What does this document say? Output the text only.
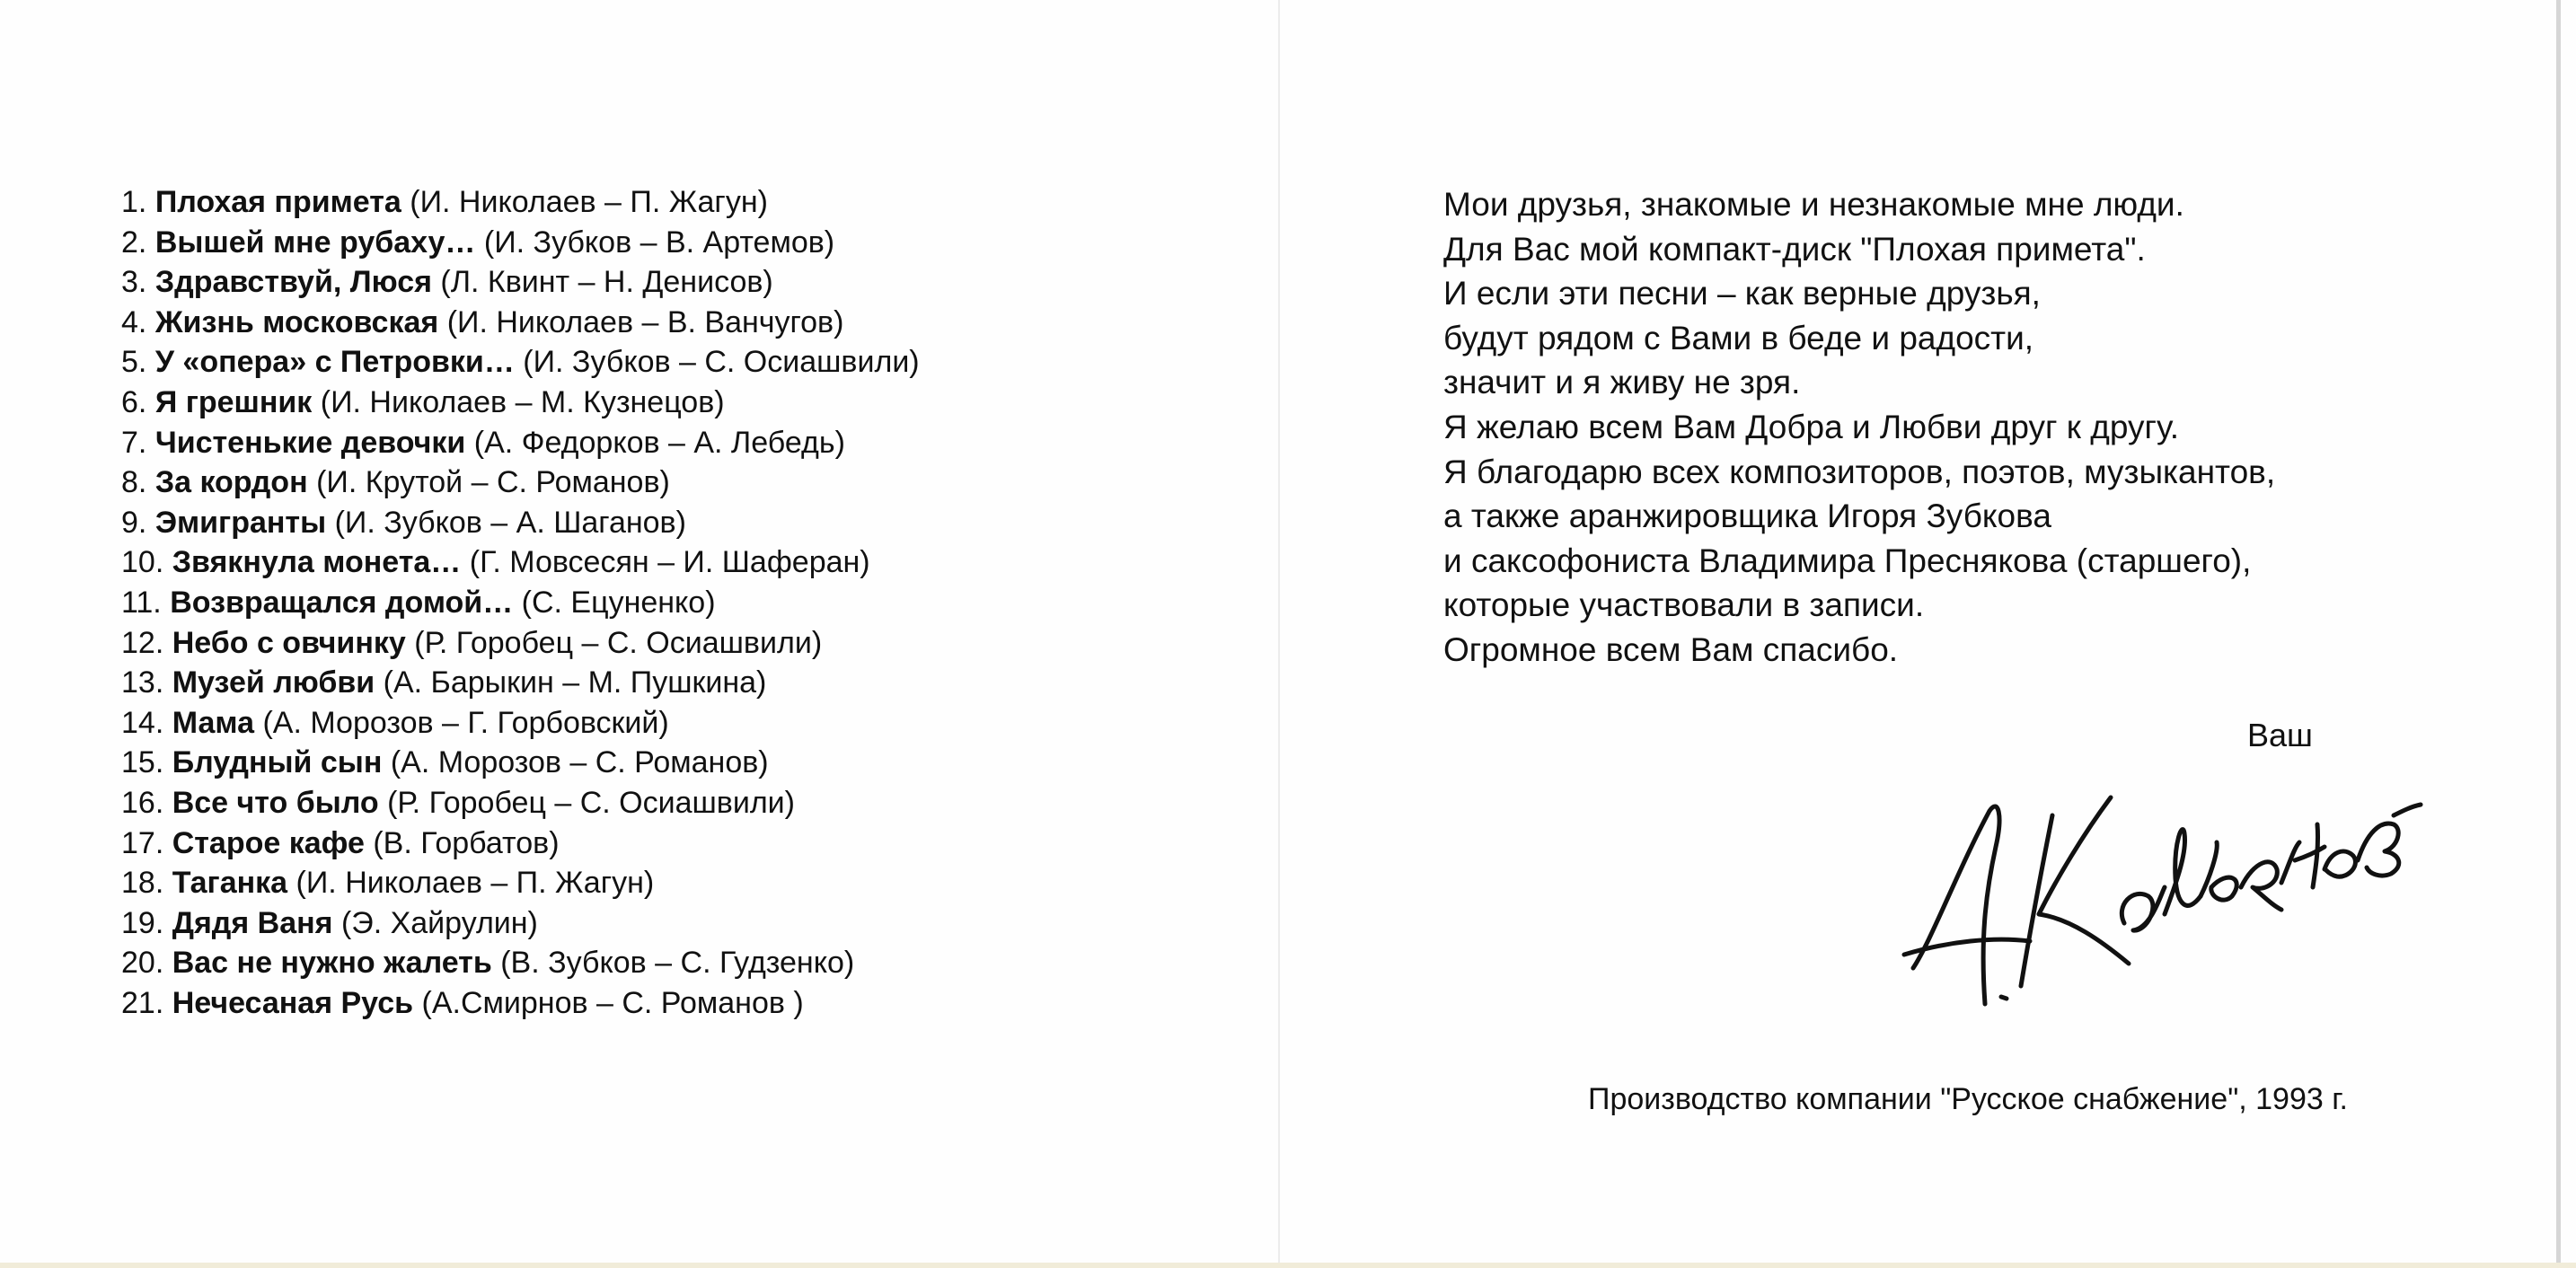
1. Плохая примета (И. Николаев – П. Жагун)
2. Вышей мне рубаху… (И. Зубков – В. Артемов)
3. Здравствуй, Люся (Л. Квинт – Н. Денисов)
4. Жизнь московская (И. Николаев – В. Ванчугов)
5. У «опера» с Петровки… (И. Зубков – С. Осиашвили)
6. Я грешник (И. Николаев – М. Кузнецов)
7. Чистенькие девочки (А. Федорков – А. Лебедь)
8. За кордон (И. Крутой – С. Романов)
9. Эмигранты (И. Зубков – А. Шаганов)
10. Звякнула монета… (Г. Мовсесян – И. Шаферан)
11. Возвращался домой… (С. Ецуненко)
12. Небо с овчинку (Р. Горобец – С. Осиашвили)
13. Музей любви (А. Барыкин – М. Пушкина)
14. Мама (А. Морозов – Г. Горбовский)
15. Блудный сын (А. Морозов – С. Романов)
16. Все что было (Р. Горобец – С. Осиашвили)
17. Старое кафе (В. Горбатов)
18. Таганка (И. Николаев – П. Жагун)
19. Дядя Ваня (Э. Хайрулин)
20. Вас не нужно жалеть (В. Зубков – С. Гудзенко)
21. Нечесаная Русь (А.Смирнов – С. Романов )
Мои друзья, знакомые и незнакомые мне люди.
Для Вас мой компакт-диск "Плохая примета".
И если эти песни – как верные друзья,
будут рядом с Вами в беде и радости,
значит и я живу не зря.
Я желаю всем Вам Добра и Любви друг к другу.
Я благодарю всех композиторов, поэтов, музыкантов,
а также аранжировщика Игоря Зубкова
и саксофониста Владимира Преснякова (старшего),
которые участвовали в записи.
Огромное всем Вам спасибо.
Ваш
Производство компании "Русское снабжение", 1993 г.
